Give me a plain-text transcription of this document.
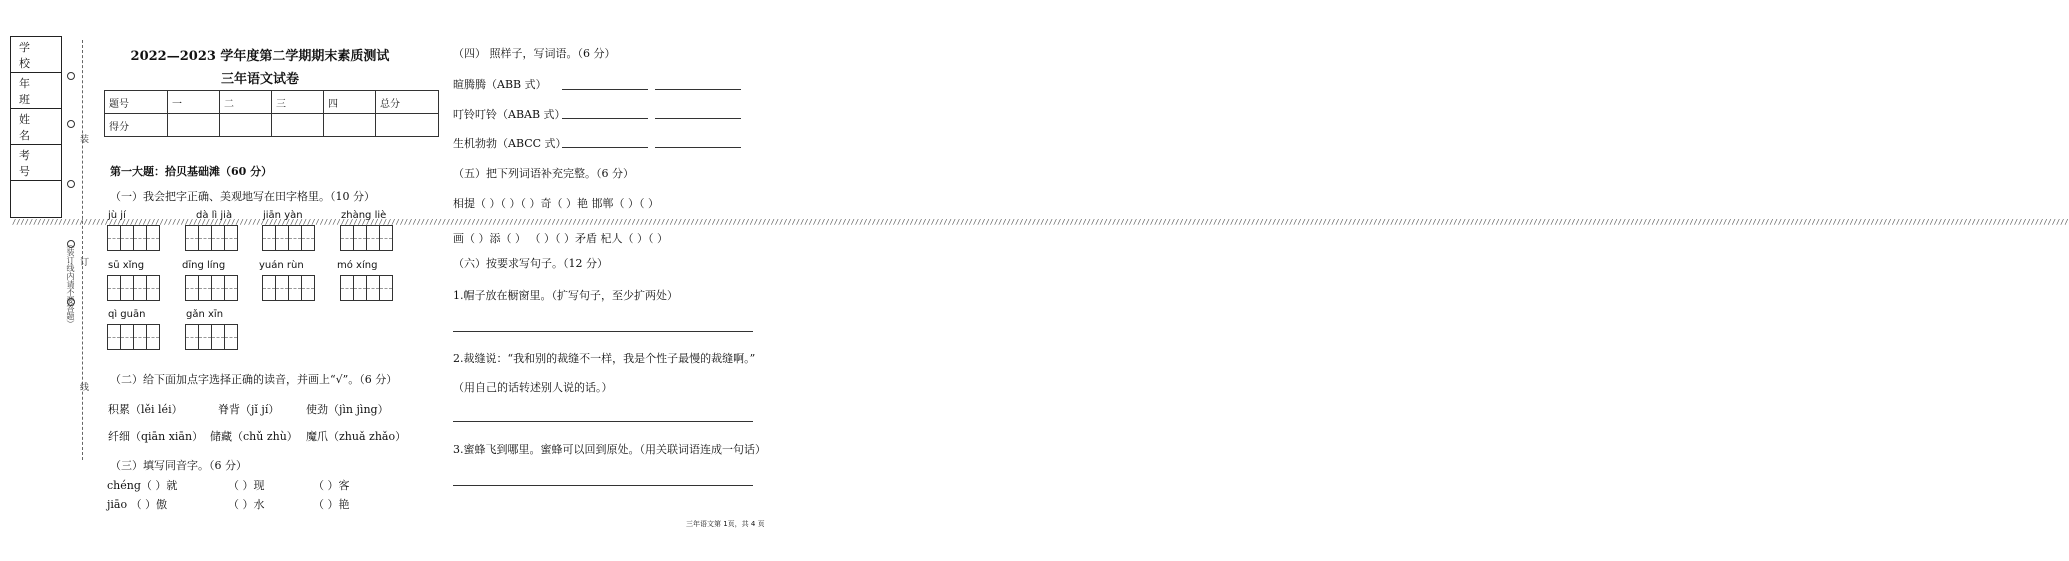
学 校
年 班
姓 名
考 号
////////////////////////////////////////////////////////////////////////////////////////////////////////////////////////////////////////////////////////////////////////////////////////////////////////////////////////////////////////////////////////////////////////////////////////////////////////////////////////////////////////////////////////////////////////////////////////////////////////////////////////////////////////////////////////////////////////////////////////////////////////
（装订线内请不要答题）
装
订
线
2022—2023 学年度第二学期期末素质测试
三年语文试卷
题号	一	二	三	四	总分
得分					
第一大题：拾贝基础滩（60 分）
（一）我会把字正确、美观地写在田字格里。（10 分）
jù jí	dà lì jià	jiān yàn	zhàng liè
sū xǐng	dīng líng	yuán rùn	mó xíng
qì guān	gǎn xīn
（二）给下面加点字选择正确的读音，并画上“√”。（6 分）
积累（lěi léi）	脊背（jǐ jí） 使劲（jìn jìng）
纤细（qiān xiān） 储藏（chǔ zhù） 魔爪（zhuǎ zhǎo）
（三）填写同音字。（6 分）
chéng（ ）就	（ ）现	（ ）客
jiāo （ ）傲	（ ）水	（ ）艳
（四） 照样子，写词语。（6 分）
暄腾腾（ABB 式）
叮铃叮铃（ABAB 式）
生机勃勃（ABCC 式）
（五）把下列词语补充完整。（6 分）
相提（ ）（ ）（ ）奇（ ）艳 邯郸（ ）（ ）
画（ ）添（ ） （ ）（ ）矛盾 杞人（ ）（ ）
（六）按要求写句子。（12 分）
1.帽子放在橱窗里。（扩写句子，至少扩两处）
2.裁缝说：“我和别的裁缝不一样，我是个性子最慢的裁缝啊。”
（用自己的话转述别人说的话。）
3.蜜蜂飞到哪里。蜜蜂可以回到原处。（用关联词语连成一句话）
三年语文第 1页，共 4 页
